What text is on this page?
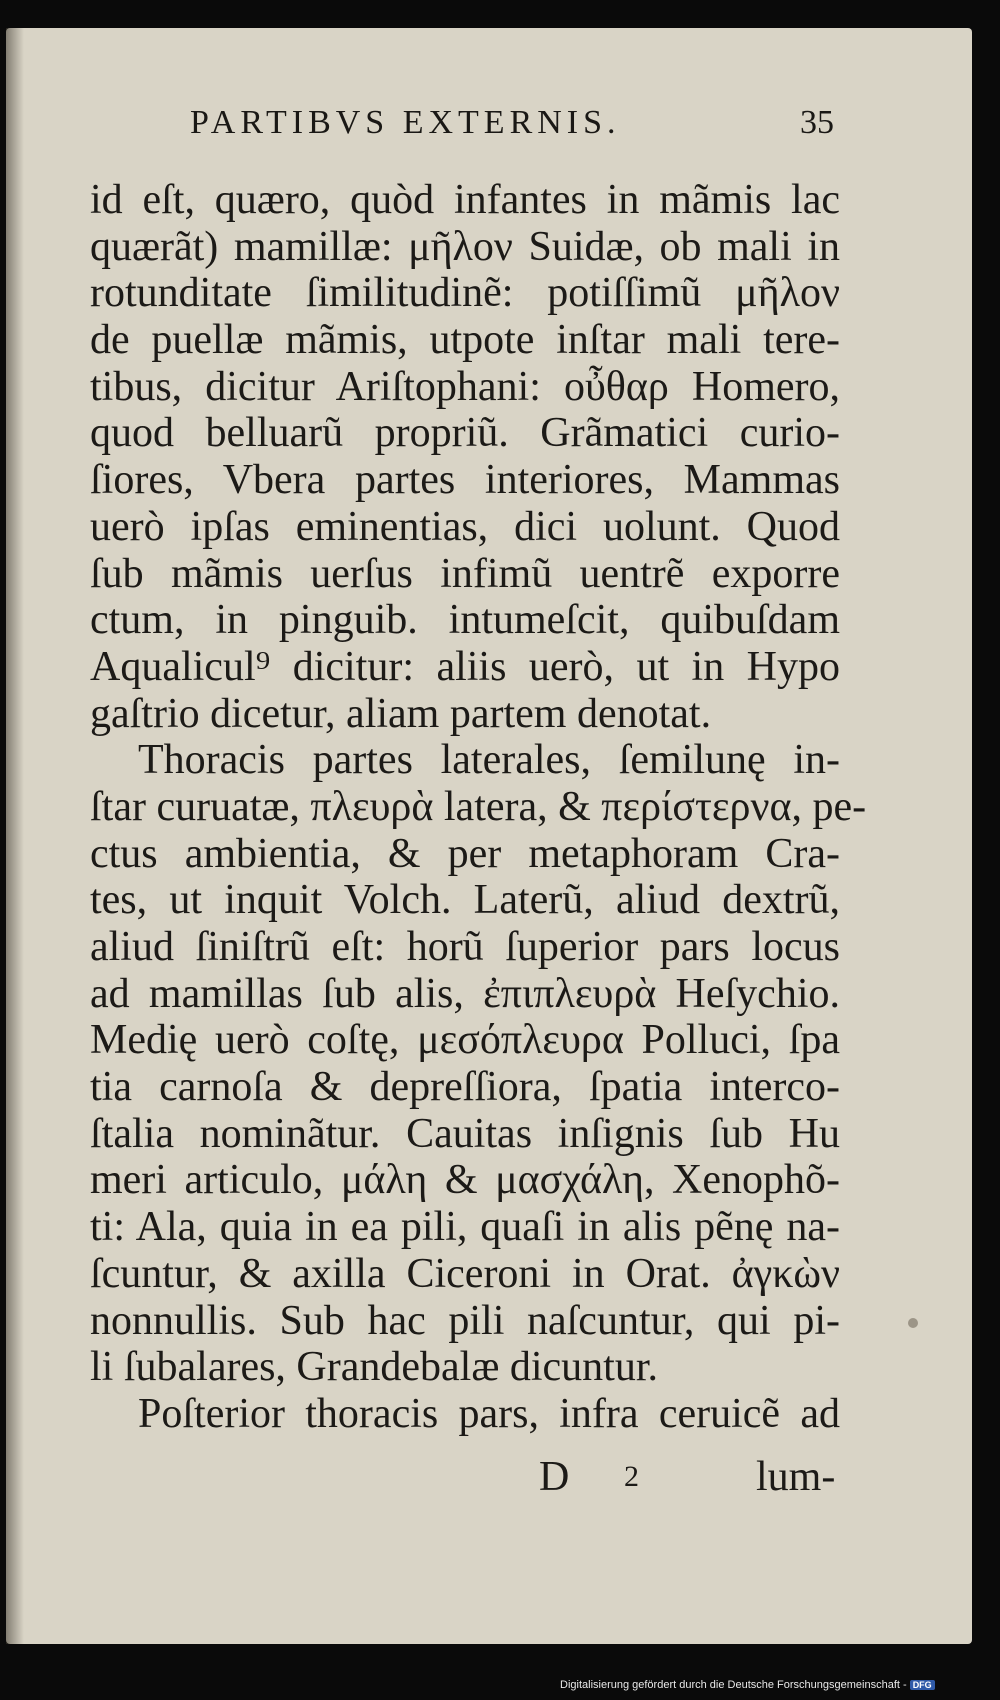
PARTIBVS EXTERNIS.	35
id eſt, quæro, quòd infantes in mãmis lac
quærãt) mamillæ: μῆλον Suidæ, ob mali in
rotunditate ſimilitudinẽ: potiſſimũ μῆλον
de puellæ mãmis, utpote inſtar mali tere-
tibus, dicitur Ariſtophani: οὖθαρ Homero,
quod belluarũ propriũ. Grãmatici curio-
ſiores, Vbera partes interiores, Mammas
uerò ipſas eminentias, dici uolunt. Quod
ſub mãmis uerſus infimũ uentrẽ exporre
ctum, in pinguib. intumeſcit, quibuſdam
Aqualicul⁹ dicitur: aliis uerò, ut in Hypo
gaſtrio dicetur, aliam partem denotat.
Thoracis partes laterales, ſemilunę in-
ſtar curuatæ, πλευρὰ latera, & περίστερνα, pe-
ctus ambientia, & per metaphoram Cra-
tes, ut inquit Volch. Laterũ, aliud dextrũ,
aliud ſiniſtrũ eſt: horũ ſuperior pars locus
ad mamillas ſub alis, ἐπιπλευρὰ Heſychio.
Medię uerò coſtę, μεσόπλευρα Polluci, ſpa
tia carnoſa & depreſſiora, ſpatia interco-
ſtalia nominãtur. Cauitas inſignis ſub Hu
meri articulo, μάλη & μασχάλη, Xenophõ-
ti: Ala, quia in ea pili, quaſi in alis pẽnę na-
ſcuntur, & axilla Ciceroni in Orat. ἀγκὼν
nonnullis. Sub hac pili naſcuntur, qui pi-
li ſubalares, Grandebalæ dicuntur.
Poſterior thoracis pars, infra ceruicẽ ad
D 2	lum-
Digitalisierung gefördert durch die Deutsche Forschungsgemeinschaft - DFG
